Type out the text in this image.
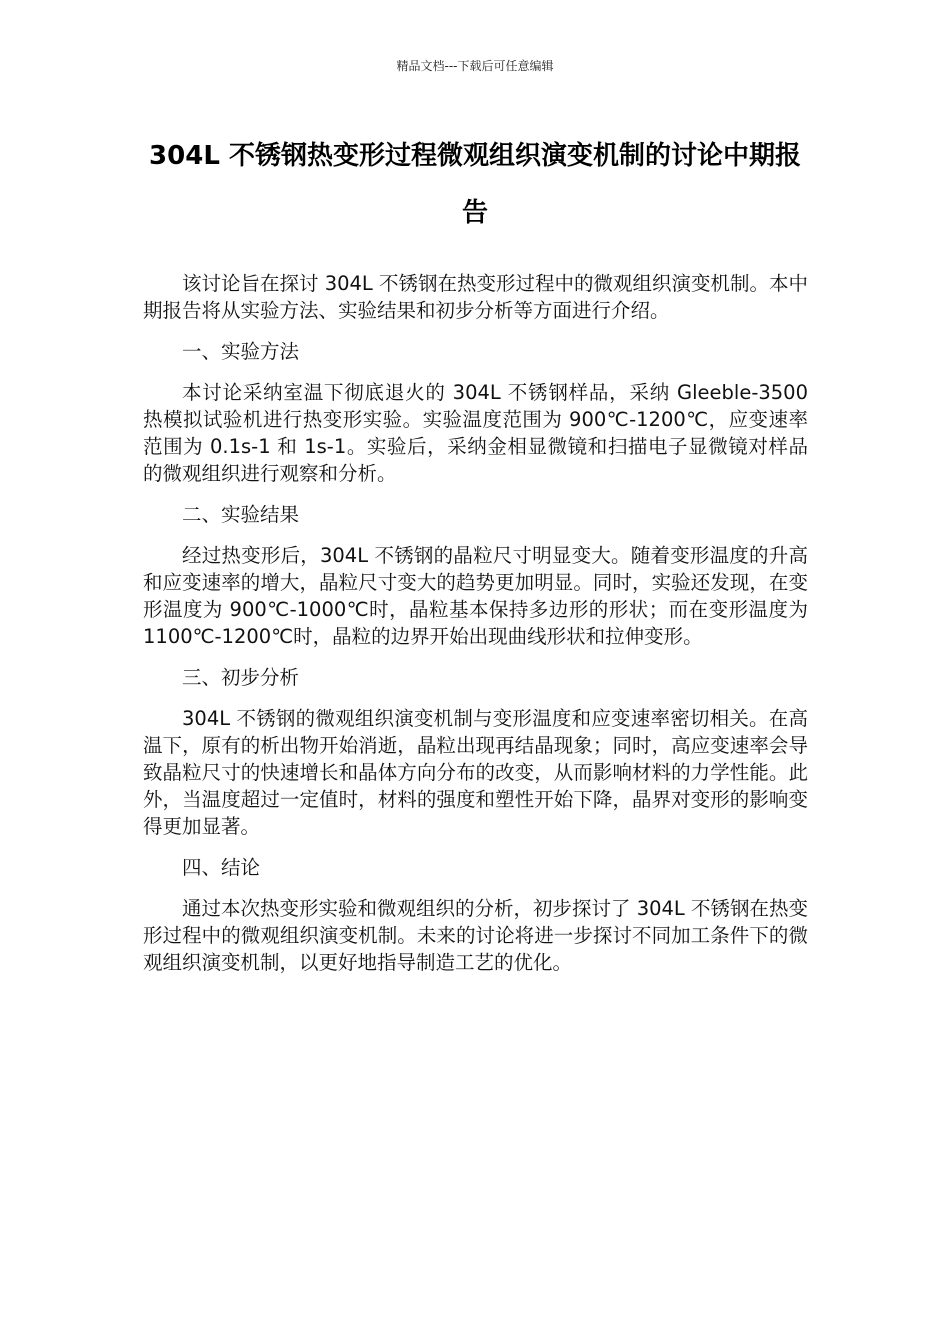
精品文档---下载后可任意编辑
304L 不锈钢热变形过程微观组织演变机制的讨论中期报告

该讨论旨在探讨 304L 不锈钢在热变形过程中的微观组织演变机制。本中期报告将从实验方法、实验结果和初步分析等方面进行介绍。

一、实验方法

本讨论采纳室温下彻底退火的 304L 不锈钢样品，采纳 Gleeble-3500 热模拟试验机进行热变形实验。实验温度范围为 900℃-1200℃，应变速率范围为 0.1s-1 和 1s-1。实验后，采纳金相显微镜和扫描电子显微镜对样品的微观组织进行观察和分析。

二、实验结果

经过热变形后，304L 不锈钢的晶粒尺寸明显变大。随着变形温度的升高和应变速率的增大，晶粒尺寸变大的趋势更加明显。同时，实验还发现，在变形温度为 900℃-1000℃时，晶粒基本保持多边形的形状；而在变形温度为 1100℃-1200℃时，晶粒的边界开始出现曲线形状和拉伸变形。

三、初步分析

304L 不锈钢的微观组织演变机制与变形温度和应变速率密切相关。在高温下，原有的析出物开始消逝，晶粒出现再结晶现象；同时，高应变速率会导致晶粒尺寸的快速增长和晶体方向分布的改变，从而影响材料的力学性能。此外，当温度超过一定值时，材料的强度和塑性开始下降，晶界对变形的影响变得更加显著。

四、结论

通过本次热变形实验和微观组织的分析，初步探讨了 304L 不锈钢在热变形过程中的微观组织演变机制。未来的讨论将进一步探讨不同加工条件下的微观组织演变机制，以更好地指导制造工艺的优化。
